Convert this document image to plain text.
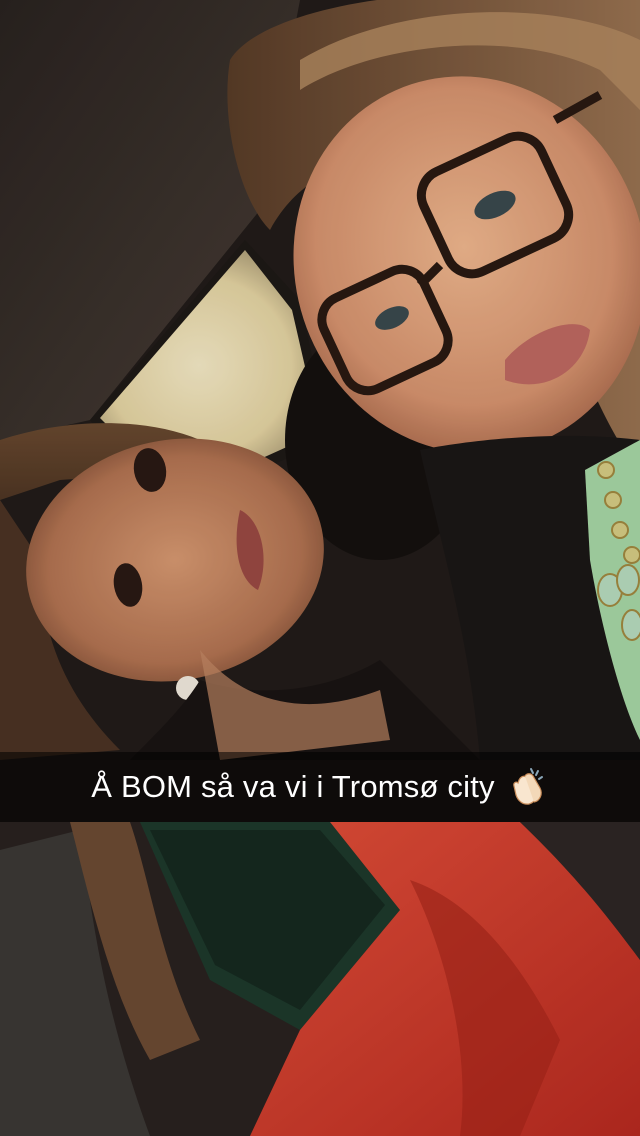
Å BOM så va vi i Tromsø city
